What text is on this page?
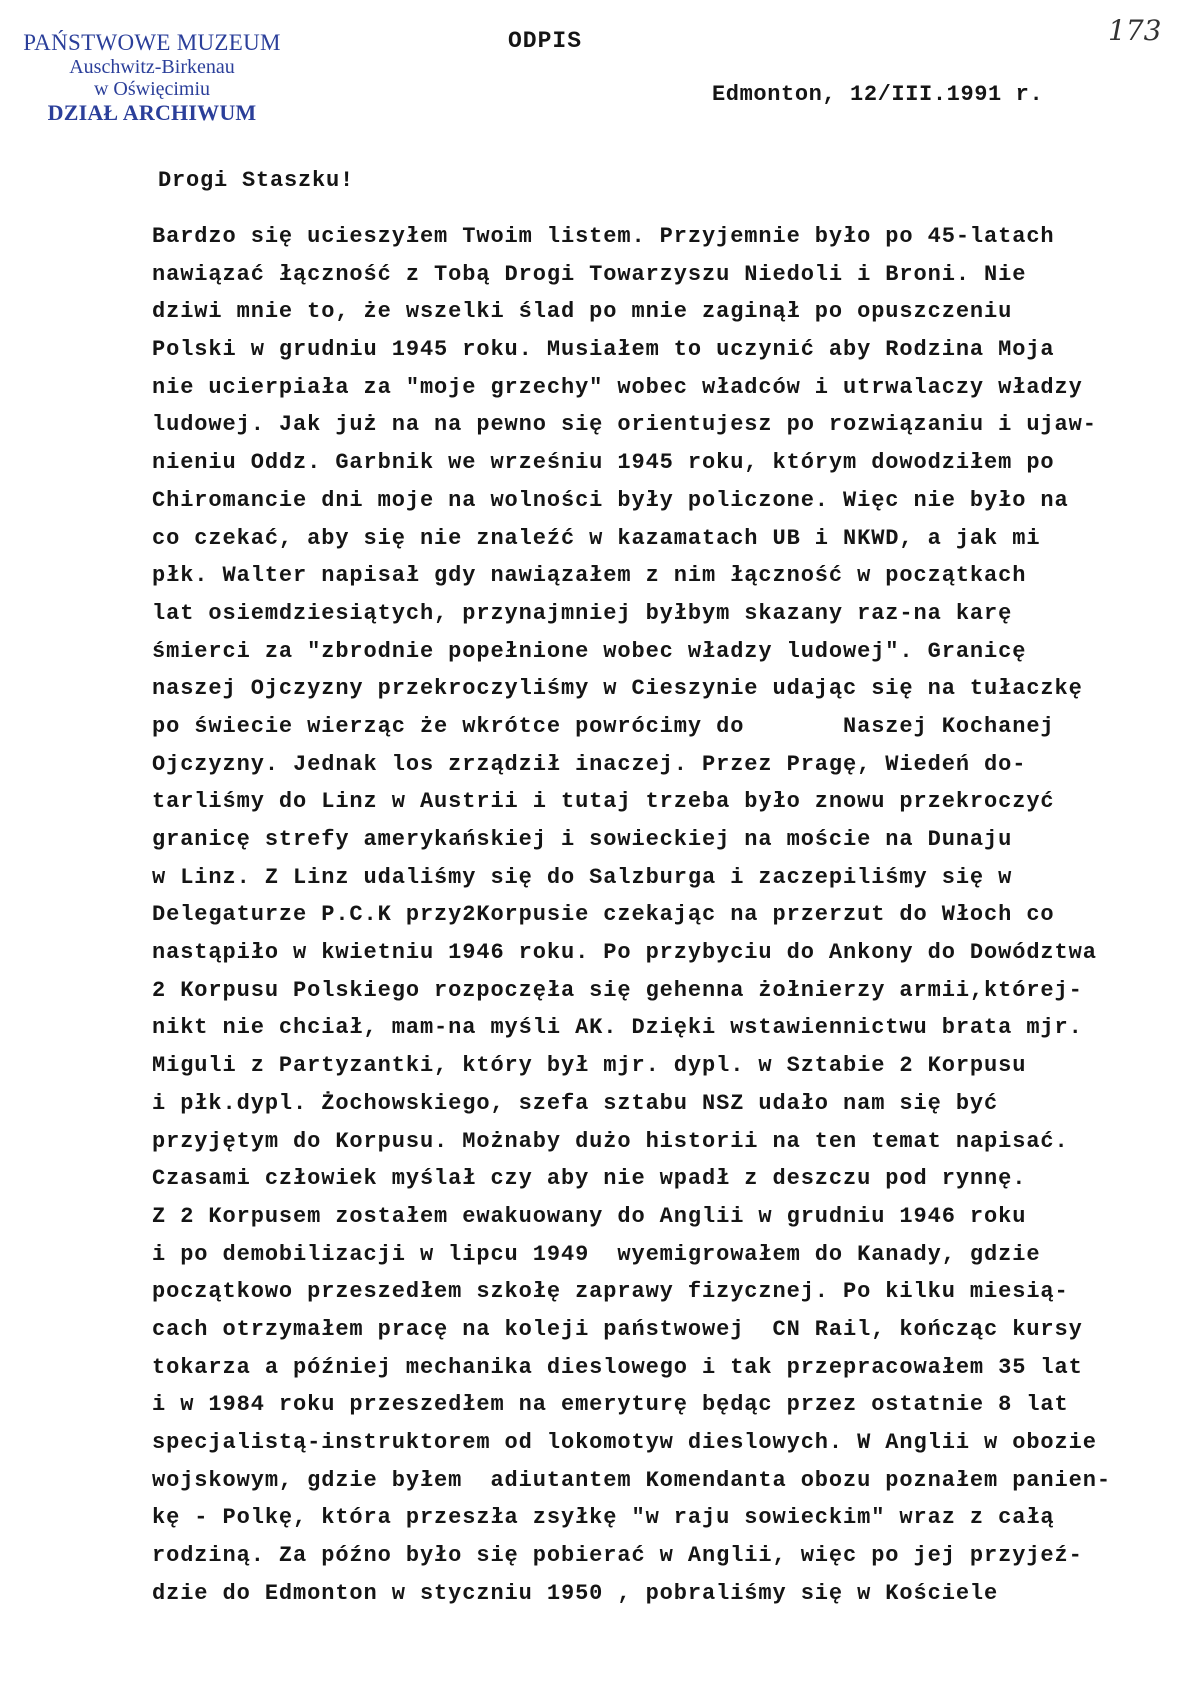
PAŃSTWOWE MUZEUM
Auschwitz-Birkenau
w Oświęcimiu
DZIAŁ ARCHIWUM
ODPIS	173
Edmonton, 12/III.1991 r.
Drogi Staszku!
Bardzo się ucieszyłem Twoim listem. Przyjemnie było po 45-latach
nawiązać łączność z Tobą Drogi Towarzyszu Niedoli i Broni. Nie
dziwi mnie to, że wszelki ślad po mnie zaginął po opuszczeniu
Polski w grudniu 1945 roku. Musiałem to uczynić aby Rodzina Moja
nie ucierpiała za "moje grzechy" wobec władców i utrwalaczy władzy
ludowej. Jak już na na pewno się orientujesz po rozwiązaniu i ujaw-
nieniu Oddz. Garbnik we wrześniu 1945 roku, którym dowodziłem po
Chiromancie dni moje na wolności były policzone. Więc nie było na
co czekać, aby się nie znaleźć w kazamatach UB i NKWD, a jak mi
płk. Walter napisał gdy nawiązałem z nim łączność w początkach
lat osiemdziesiątych, przynajmniej byłbym skazany raz-na karę
śmierci za "zbrodnie popełnione wobec władzy ludowej". Granicę
naszej Ojczyzny przekroczyliśmy w Cieszynie udając się na tułaczkę
po świecie wierząc że wkrótce powrócimy do       Naszej Kochanej
Ojczyzny. Jednak los zrządził inaczej. Przez Pragę, Wiedeń do-
tarliśmy do Linz w Austrii i tutaj trzeba było znowu przekroczyć
granicę strefy amerykańskiej i sowieckiej na moście na Dunaju
w Linz. Z Linz udaliśmy się do Salzburga i zaczepiliśmy się w
Delegaturze P.C.K przy2Korpusie czekając na przerzut do Włoch co
nastąpiło w kwietniu 1946 roku. Po przybyciu do Ankony do Dowództwa
2 Korpusu Polskiego rozpoczęła się gehenna żołnierzy armii,której-
nikt nie chciał, mam-na myśli AK. Dzięki wstawiennictwu brata mjr.
Miguli z Partyzantki, który był mjr. dypl. w Sztabie 2 Korpusu
i płk.dypl. Żochowskiego, szefa sztabu NSZ udało nam się być
przyjętym do Korpusu. Możnaby dużo historii na ten temat napisać.
Czasami człowiek myślał czy aby nie wpadł z deszczu pod rynnę.
Z 2 Korpusem zostałem ewakuowany do Anglii w grudniu 1946 roku
i po demobilizacji w lipcu 1949  wyemigrowałem do Kanady, gdzie
początkowo przeszedłem szkołę zaprawy fizycznej. Po kilku miesią-
cach otrzymałem pracę na koleji państwowej  CN Rail, kończąc kursy
tokarza a później mechanika dieslowego i tak przepracowałem 35 lat
i w 1984 roku przeszedłem na emeryturę będąc przez ostatnie 8 lat
specjalistą-instruktorem od lokomotyw dieslowych. W Anglii w obozie
wojskowym, gdzie byłem  adiutantem Komendanta obozu poznałem panien-
kę - Polkę, która przeszła zsyłkę "w raju sowieckim" wraz z całą
rodziną. Za późno było się pobierać w Anglii, więc po jej przyjeź-
dzie do Edmonton w styczniu 1950 , pobraliśmy się w Kościele
